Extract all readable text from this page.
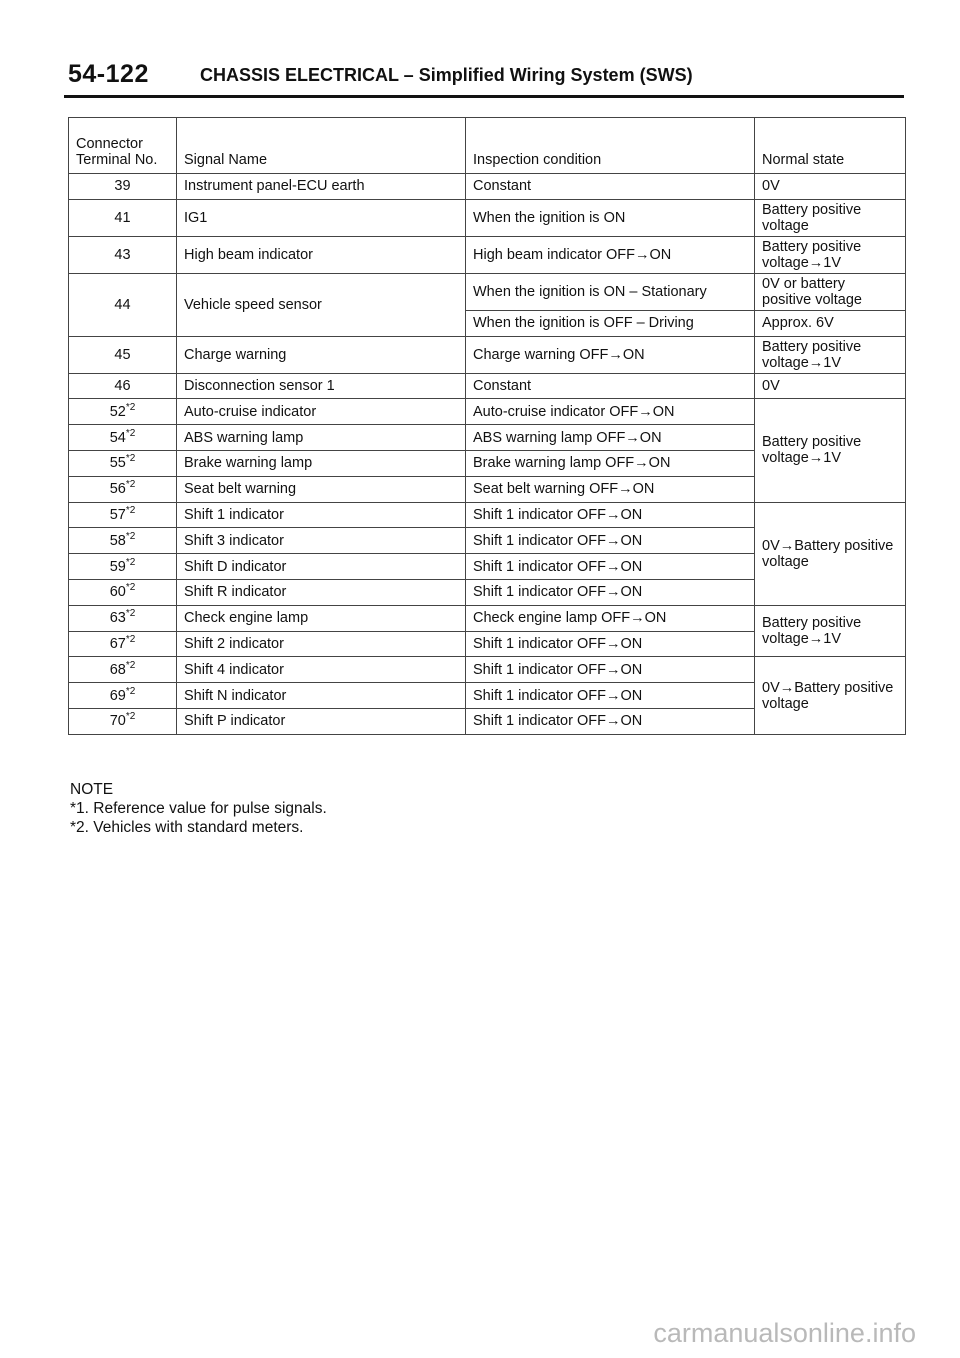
54-122	CHASSIS ELECTRICAL – Simplified Wiring System (SWS)
Connector
Terminal No.	Signal Name	Inspection condition	Normal state
39	Instrument panel-ECU earth	Constant	0V
41	IG1	When the ignition is ON	Battery positive voltage
43	High beam indicator	High beam indicator OFF→ON	Battery positive voltage→1V
44	Vehicle speed sensor	When the ignition is ON – Stationary	0V or battery positive voltage
		When the ignition is OFF – Driving	Approx. 6V
45	Charge warning	Charge warning OFF→ON	Battery positive voltage→1V
46	Disconnection sensor 1	Constant	0V
52$^{*2}$	Auto-cruise indicator	Auto-cruise indicator OFF→ON	Battery positive voltage→1V
54$^{*2}$	ABS warning lamp	ABS warning lamp OFF→ON	
55$^{*2}$	Brake warning lamp	Brake warning lamp OFF→ON	
56$^{*2}$	Seat belt warning	Seat belt warning OFF→ON	
57$^{*2}$	Shift 1 indicator	Shift 1 indicator OFF→ON	0V→Battery positive voltage
58$^{*2}$	Shift 3 indicator	Shift 1 indicator OFF→ON	
59$^{*2}$	Shift D indicator	Shift 1 indicator OFF→ON	
60$^{*2}$	Shift R indicator	Shift 1 indicator OFF→ON	
63$^{*2}$	Check engine lamp	Check engine lamp OFF→ON	Battery positive voltage→1V
67$^{*2}$	Shift 2 indicator	Shift 1 indicator OFF→ON	
68$^{*2}$	Shift 4 indicator	Shift 1 indicator OFF→ON	0V→Battery positive voltage
69$^{*2}$	Shift N indicator	Shift 1 indicator OFF→ON	
70$^{*2}$	Shift P indicator	Shift 1 indicator OFF→ON	
NOTE
*1. Reference value for pulse signals.
*2. Vehicles with standard meters.
carmanualsonline.info
